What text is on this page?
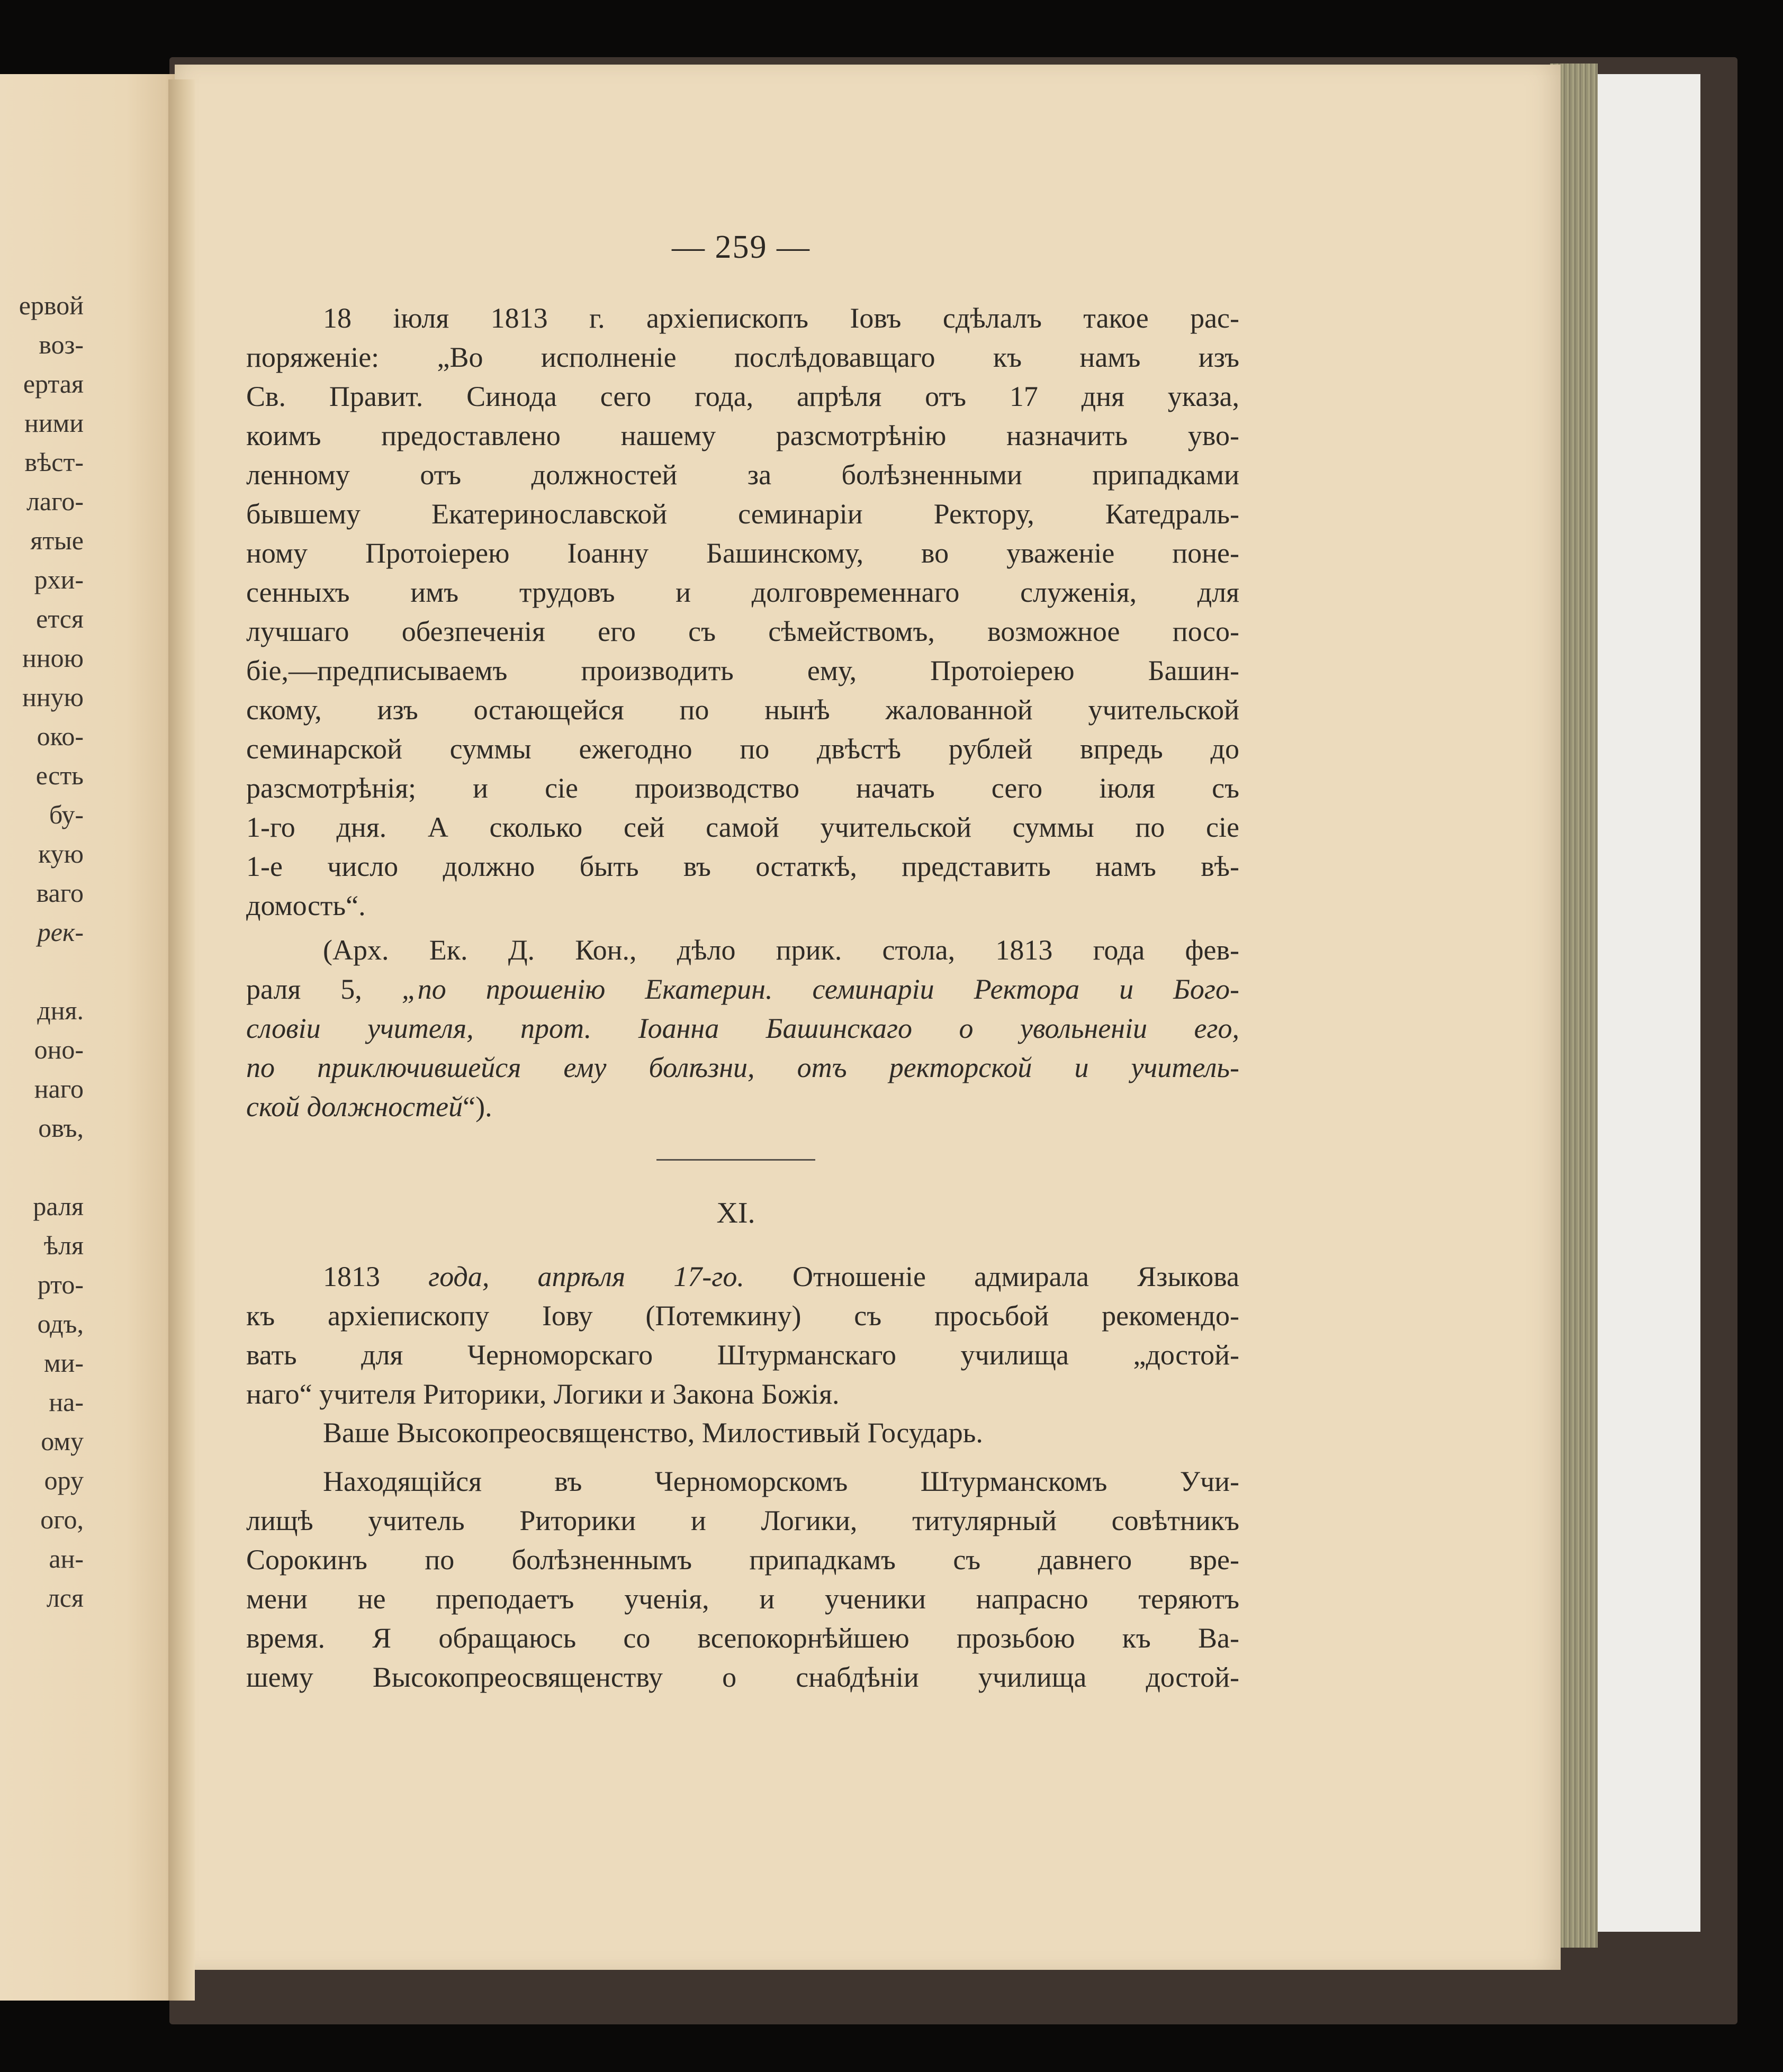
ервой
воз-
ертая
ними
вѣст-
лаго-
ятые
рхи-
ется
нною
нную
око-
есть
бу-
кую
ваго
рек-
дня.
оно-
наго
овъ,
раля
ѣля
рто-
одъ,
ми-
на-
ому
ору
ого,
ан-
лся
— 259 —
18 іюля 1813 г. архіепископъ Іовъ сдѣлалъ такое рас-
поряженіе: „Во исполненіе послѣдовавщаго къ намъ изъ
Св. Правит. Синода сего года, апрѣля отъ 17 дня указа,
коимъ предоставлено нашему разсмотрѣнію назначить уво-
ленному отъ должностей за болѣзненными припадками
бывшему Екатеринославской семинаріи Ректору, Катедраль-
ному Протоіерею Іоанну Башинскому, во уваженіе поне-
сенныхъ имъ трудовъ и долговременнаго служенія, для
лучшаго обезпеченія его съ сѣмействомъ, возможное посо-
біе,—предписываемъ производить ему, Протоіерею Башин-
скому, изъ остающейся по нынѣ жалованной учительской
семинарской суммы ежегодно по двѣстѣ рублей впредь до
разсмотрѣнія; и сіе производство начать сего іюля съ
1-го дня. А сколько сей самой учительской суммы по сіе
1-е число должно быть въ остаткѣ, представить намъ вѣ-
домость“.
(Арх. Ек. Д. Кон., дѣло прик. стола, 1813 года фев-
раля 5, „по прошенію Екатерин. семинаріи Ректора и Бого-
словіи учителя, прот. Іоанна Башинскаго о увольненіи его,
по приключившейся ему болѣзни, отъ ректорской и учитель-
ской должностей“).
XI.
1813 года, апрѣля 17-го. Отношеніе адмирала Языкова
къ архіепископу Іову (Потемкину) съ просьбой рекомендо-
вать для Черноморскаго Штурманскаго училища „достой-
наго“ учителя Риторики, Логики и Закона Божія.
Ваше Высокопреосвященство, Милостивый Государь.
Находящійся въ Черноморскомъ Штурманскомъ Учи-
лищѣ учитель Риторики и Логики, титулярный совѣтникъ
Сорокинъ по болѣзненнымъ припадкамъ съ давнего вре-
мени не преподаетъ ученія, и ученики напрасно теряютъ
время. Я обращаюсь со всепокорнѣйшею прозьбою къ Ва-
шему Высокопреосвященству о снабдѣніи училища достой-
